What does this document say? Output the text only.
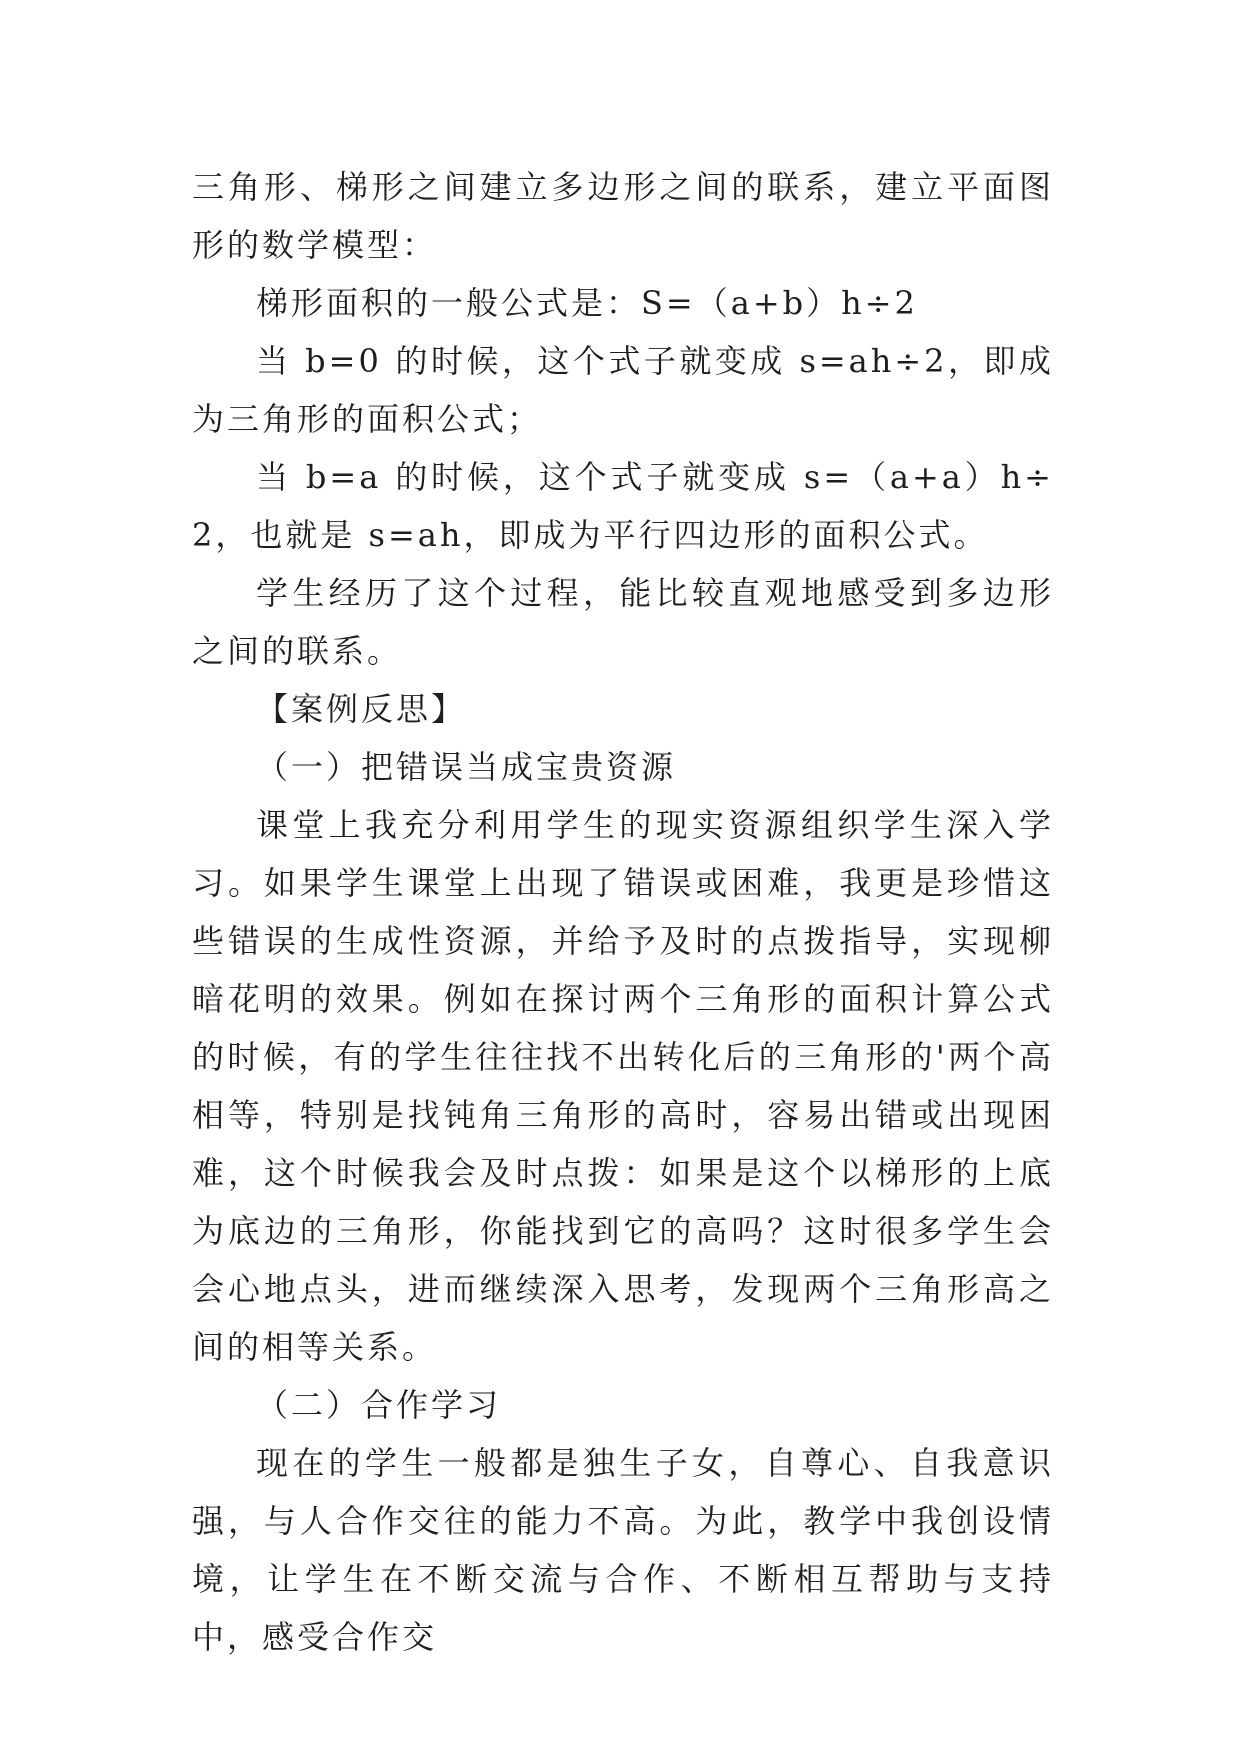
三角形、梯形之间建立多边形之间的联系，建立平面图形的数学模型：

梯形面积的一般公式是：S=（a+b）h÷2

当 b=0 的时候，这个式子就变成 s=ah÷2，即成为三角形的面积公式；

当 b=a 的时候，这个式子就变成 s=（a+a）h÷2，也就是 s=ah，即成为平行四边形的面积公式。

学生经历了这个过程，能比较直观地感受到多边形之间的联系。

【案例反思】

（一）把错误当成宝贵资源

课堂上我充分利用学生的现实资源组织学生深入学习。如果学生课堂上出现了错误或困难，我更是珍惜这些错误的生成性资源，并给予及时的点拨指导，实现柳暗花明的效果。例如在探讨两个三角形的面积计算公式的时候，有的学生往往找不出转化后的三角形的'两个高相等，特别是找钝角三角形的高时，容易出错或出现困难，这个时候我会及时点拨：如果是这个以梯形的上底为底边的三角形，你能找到它的高吗？这时很多学生会会心地点头，进而继续深入思考，发现两个三角形高之间的相等关系。

（二）合作学习

现在的学生一般都是独生子女，自尊心、自我意识强，与人合作交往的能力不高。为此，教学中我创设情境，让学生在不断交流与合作、不断相互帮助与支持中，感受合作交
